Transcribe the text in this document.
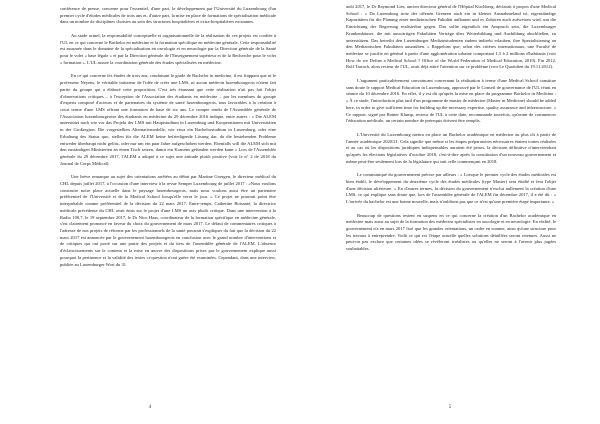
conférence de presse, concerne pour l'essentiel, d'une part, le développement par l'Université du Luxembourg d'un premier cycle d'études médicales de trois ans et, d'autre part, la mise en place de formations de spécialisation médicale dans un nombre de disciplines choisies au sein des structures hospitalières et extra-hospitalières existantes.

Au stade actuel, la responsabilité conceptuelle et organisationnelle de la réalisation de ces projets est confiée à l'UL en ce qui concerne le Bachelor en médecine et la formation spécifique en médecine générale. Cette responsabilité est assumée dans le domaine de la spécialisation en oncologie et en neurologie par la Direction générale de la Santé pour le volet « base légale » et par la Direction générale de l'Enseignement supérieur et de la Recherche pour le volet « formation ». L'UL assure la coordination générale des études spécialisées en médecine.

En ce qui concerne les études de trois ans, conduisant le grade de Bachelor in medicine, il est frappant que ni le professeur Neyens, le véritable initiateur de l'idée de créer une LMS, ni aucun médecin luxembourgeois n'aient fait partie du groupe qui a élaboré cette proposition. C'est très étonnant que cette réalisation n'ait pas fait l'objet d'observations critiques – à l'exception de l'Association des étudiants en médecine – par les membres du groupe d'experts composé d'acteurs et de partenaires du système de santé luxembourgeois, tous favorables à la création à court terme d'une LMS offrant une formation de base de six ans. Le compte rendu de l'Assemblée générale de l'Association luxembourgeoise des étudiants en médecine du 29 décembre 2016 indique, entre autres : « Die ALEM unterstützt nach wie vor das Projekt der LMS mit Hauptstudium in Luxemburg und Kooperationen mit Universitäten in der Großregion. Die vorgestellten Alternativmodelle, wie etwa ein Bachelorstudium in Luxemburg, oder eine Erhaltung des Status quo, stellen für die ALEM keine befriedigende Lösung dar, da die bestehenden Probleme entweder überhaupt nicht gelöst, oder nur um ein paar Jahre aufgeschoben werden. Ebenfalls will die ALEM sich mit den zuständigen Ministerien an einen Tisch setzen, damit ein Konsens gefunden werden kann » Lors de l'Assemblée générale du 29 décembre 2017, l'ALEM a adopté à ce sujet une attitude plutôt positive (voir le n° 2 de 2018 du Journal de Corps Médical).

Une brève remarque au sujet des orientations arrêtées au début par Martine Goergen, le directeur médical du CHL depuis juillet 2017, à l'occasion d'une interview à la revue Semper Luxembourg de juillet 2017 : «Nous voulons construire notre place actuelle dans le paysage luxembourgeois, mais nous voulons aussi être un partenaire préférentiel de l'Université et de la Medical School lorsqu'elle verra le jour. » Ce projet ne pourrait point être interprétable comme préférentiel de la décision du 22 mars 2017. Entre-temps, Catherine Boisanté, la directrice médicale précédente du CHL avait émis sur le projet d'une LMS un avis plutôt critique. Dans une intervention à la Radio 100,7, le 19 septembre 2017, le Dr Nico Haas, coordinateur de la formation spécifique en médecine générale, s'est clairement prononcé en faveur du choix du gouvernement de mars 2017. Le défaut de commentaires critiques à l'adresse de nos projets de réforme par les professionnels de la santé pourrait s'expliquer du fait que la décision du 22 mars 2017 est annoncée par le gouvernement luxembourgeois en conclusion avec le grand nombre d'interventions et de critiques qui ont porté sur une partie des projets et du tiers de l'assemblée générale de l'ALEM. L'absence d'éclaircissements sur le contenu et la mise en œuvre des dispositions prises par le gouvernement explique aussi pourquoi la pertinence et la validité des textes ci-question n'ont guère été examinées. Cependant, dans une interview, publiée au Luxemburger Wort du 31

4

août 2017, le Dr Raymond Lies, ancien directeur général de l'Hôpital Kirchberg, déclarait à propos d'une Medical School : « Da Luxemburg trotz der offenen Grenzen auch ein in kleines Ausnahmeland ist, eigenständige Kapazitäten für die Planung einer medizinischen Fakultät aufbauen und es Zuhören auch aufweisen wird, um die Einrichtung der Regierung realisierbar gegen. Das sollte eigentlich ein Anspruch sein, die Luxemburger Krankenhäuser, die mit auswärtigen Fakultäten Verträge über Weiterbildung und Ausbildung abschließen, zu unterstützen. Das betreibt den Luxemburger Medizinstudenten zudem indirekt erlauben, ihre Spezialisierung an den Medizinischen Fakultäten auszuüben. » Rappelons que, selon des critères internationaux, une Faculté de médecine se justifie en général à partir d'une agglomération urbaine comportant 1,5 à 2 millions d'habitants (voir How do we Define a Medical School ? Office of the World Federation of Medical Education, 2010). Fin 2012, Rolf Tarrach, alors recteur de l'UL, avait déjà attiré l'attention sur ce problème (voir Le Quotidien du 19.11.2012).

L'argument particulièrement convaincant concernant la réalisation à terme d'une Medical School constitue sans doute le support Medical Education in Luxembourg, approuvé par le Conseil de gouvernance de l'UL réuni en séance du 10 décembre 2016. En effet, il y est dit qu'après la mise en place du programme Bachelor in Medicine : « À ce stade, l'introduction plus tard d'un programme de master de médecine (Master in Medicine) should be added here, in order to give sufficient time for building up the necessary expertise, quality assurance and infrastructure. » Ce rapport, signé par Rainer Klump, recteur de l'UL à cette date, recommande toutefois, qu'avant de commencer l'éducation médicale, un certain nombre de prérequis doivent être remplis.

L'Université du Luxembourg mettra en place un Bachelor académique en médecine au plus tôt à partir de l'année académique 2020/21. Cela signifie que même si les étapes préparatoires nécessaires étaient toutes réalisées et au cas où les dispositions juridiques indispensables auraient été prises, la décision définitive n'interviendrait qu'après les élections législatives d'octobre 2018, c'est-à-dire après la constitution d'un nouveau gouvernement et même peut-être seulement lors de la législature qui suit celle commençant en 2018.

Le communiqué du gouvernement précise par ailleurs : « Lorsque le premier cycle des études médicales est bien établi, le développement du deuxième cycle des études médicales (type Master) sera étudié et fera l'objet d'une décision ultérieure. » En d'autres termes, la décision du gouvernement n'exclut nullement la création d'une LMS, ce qui explique sans doute que, lors de l'assemblée générale de l'ALEM fin décembre 2017, il a été dit : « L'arrivée du bachelor est une bonne nouvelle, mais n'oublions pas que ce n'est qu'une première étape importante. »

Beaucoup de questions restent en suspens en ce qui concerne la création d'un Bachelor académique en médecine mais aussi au sujet de la formation des médecins spécialistes en oncologie et en neurologie. En réalité, le gouvernement n'a en mars 2017 fixé que les grandes orientations, un cadre en somme, ainsi qu'une structure pour les travaux à entreprendre. Voilà ce qui est l'étape actuelle quelles solutions détaillées seront retenues. Aussi ne peut-on pas exclure que certaines idées se révèleront irréalistes ou qu'elles ne seront à l'avenir plus jugées souhaitables.

5
